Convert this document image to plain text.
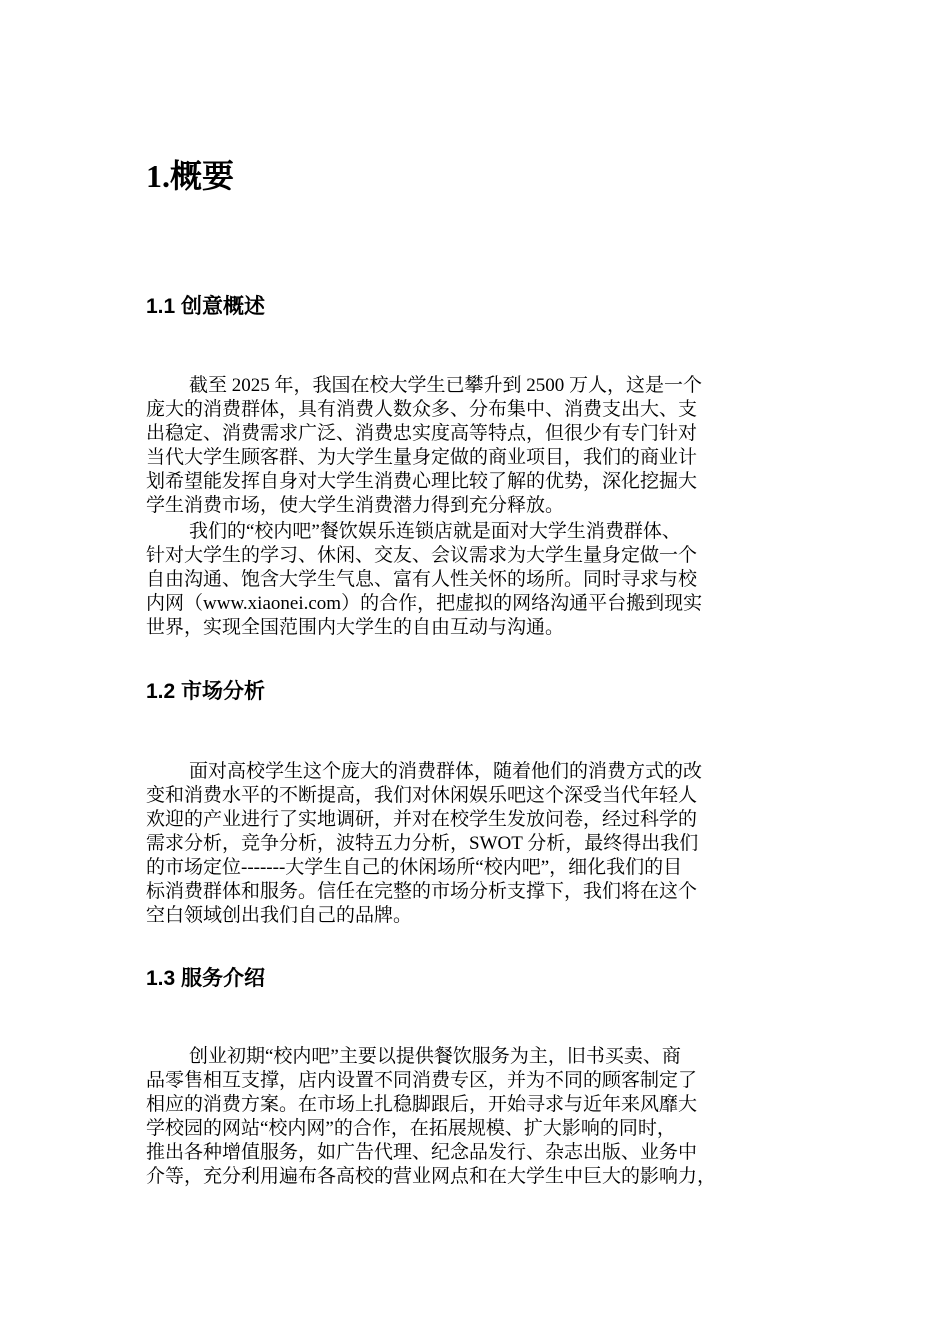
1.概要
1.1 创意概述
截至 2025 年，我国在校大学生已攀升到 2500 万人，这是一个
庞大的消费群体，具有消费人数众多、分布集中、消费支出大、支
出稳定、消费需求广泛、消费忠实度高等特点，但很少有专门针对
当代大学生顾客群、为大学生量身定做的商业项目，我们的商业计
划希望能发挥自身对大学生消费心理比较了解的优势，深化挖掘大
学生消费市场，使大学生消费潜力得到充分释放。
我们的“校内吧”餐饮娱乐连锁店就是面对大学生消费群体、
针对大学生的学习、休闲、交友、会议需求为大学生量身定做一个
自由沟通、饱含大学生气息、富有人性关怀的场所。同时寻求与校
内网（www.xiaonei.com）的合作，把虚拟的网络沟通平台搬到现实
世界，实现全国范围内大学生的自由互动与沟通。
1.2 市场分析
面对高校学生这个庞大的消费群体，随着他们的消费方式的改
变和消费水平的不断提高，我们对休闲娱乐吧这个深受当代年轻人
欢迎的产业进行了实地调研，并对在校学生发放问卷，经过科学的
需求分析，竞争分析，波特五力分析，SWOT 分析，最终得出我们
的市场定位-------大学生自己的休闲场所“校内吧”，细化我们的目
标消费群体和服务。信任在完整的市场分析支撑下，我们将在这个
空白领域创出我们自己的品牌。
1.3 服务介绍
创业初期“校内吧”主要以提供餐饮服务为主，旧书买卖、商
品零售相互支撑，店内设置不同消费专区，并为不同的顾客制定了
相应的消费方案。在市场上扎稳脚跟后，开始寻求与近年来风靡大
学校园的网站“校内网”的合作，在拓展规模、扩大影响的同时，
推出各种增值服务，如广告代理、纪念品发行、杂志出版、业务中
介等，充分利用遍布各高校的营业网点和在大学生中巨大的影响力，
